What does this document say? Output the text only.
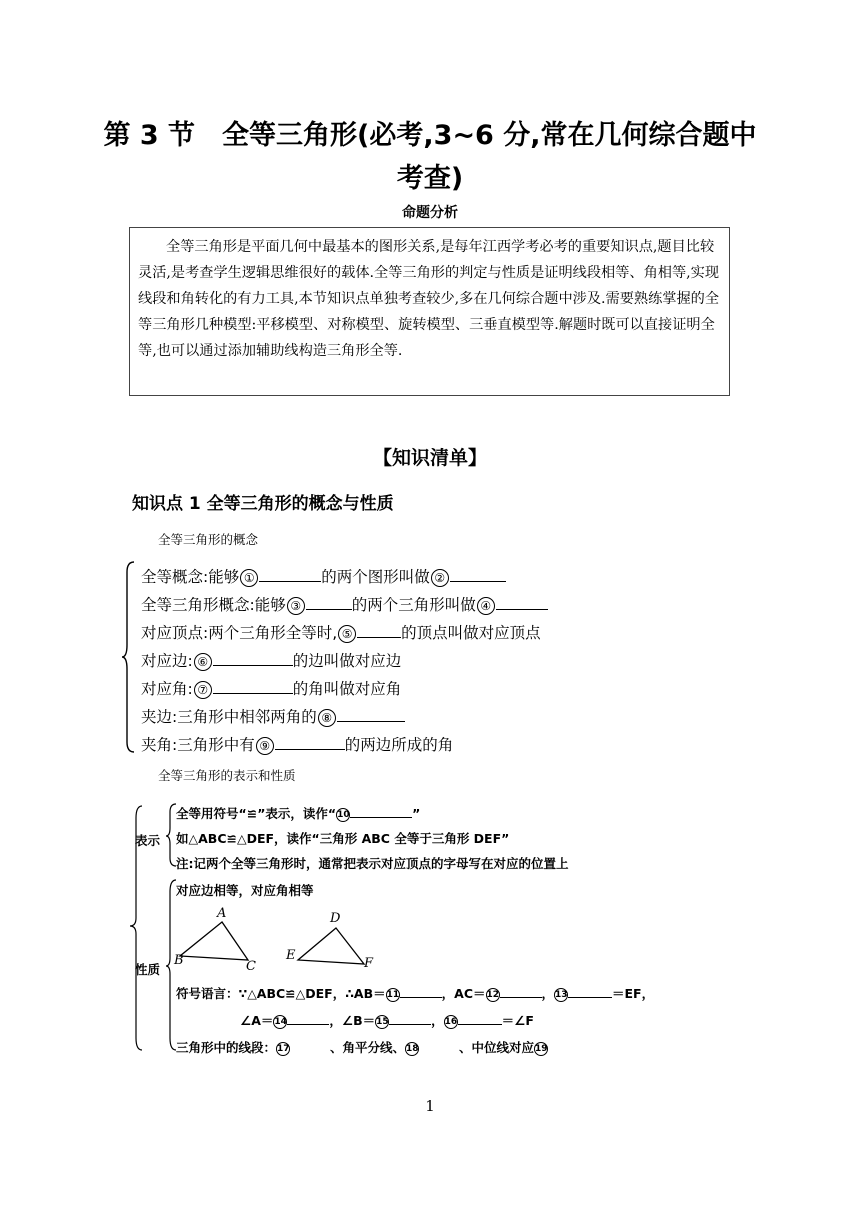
第 3 节　全等三角形(必考,3~6 分,常在几何综合题中
考查)
命题分析
全等三角形是平面几何中最基本的图形关系,是每年江西学考必考的重要知识点,题目比较灵活,是考查学生逻辑思维很好的载体.全等三角形的判定与性质是证明线段相等、角相等,实现线段和角转化的有力工具,本节知识点单独考查较少,多在几何综合题中涉及.需要熟练掌握的全等三角形几种模型:平移模型、对称模型、旋转模型、三垂直模型等.解题时既可以直接证明全等,也可以通过添加辅助线构造三角形全等.
【知识清单】
知识点 1 全等三角形的概念与性质
全等三角形的概念
全等概念:能够 ①	的两个图形叫做 ②
全等三角形概念:能够 ③	的两个三角形叫做 ④
对应顶点:两个三角形全等时, ⑤	的顶点叫做对应顶点
对应边: ⑥	的边叫做对应边
对应角: ⑦	的角叫做对应角
夹边:三角形中相邻两角的 ⑧
夹角:三角形中有 ⑨	的两边所成的角
全等三角形的表示和性质
表示
性质
全等用符号“≌”表示，读作“10	”
如△ABC≌△DEF，读作“三角形 ABC 全等于三角形 DEF”
注:记两个全等三角形时，通常把表示对应顶点的字母写在对应的位置上
对应边相等，对应角相等
A
B	C
D
E
F
符号语言：∵△ABC≌△DEF，∴AB＝11	，AC＝12	，13	＝EF，
∠A＝14	，∠B＝15	，16	＝∠F
三角形中的线段：17	、角平分线、18	、中位线对应19
1
